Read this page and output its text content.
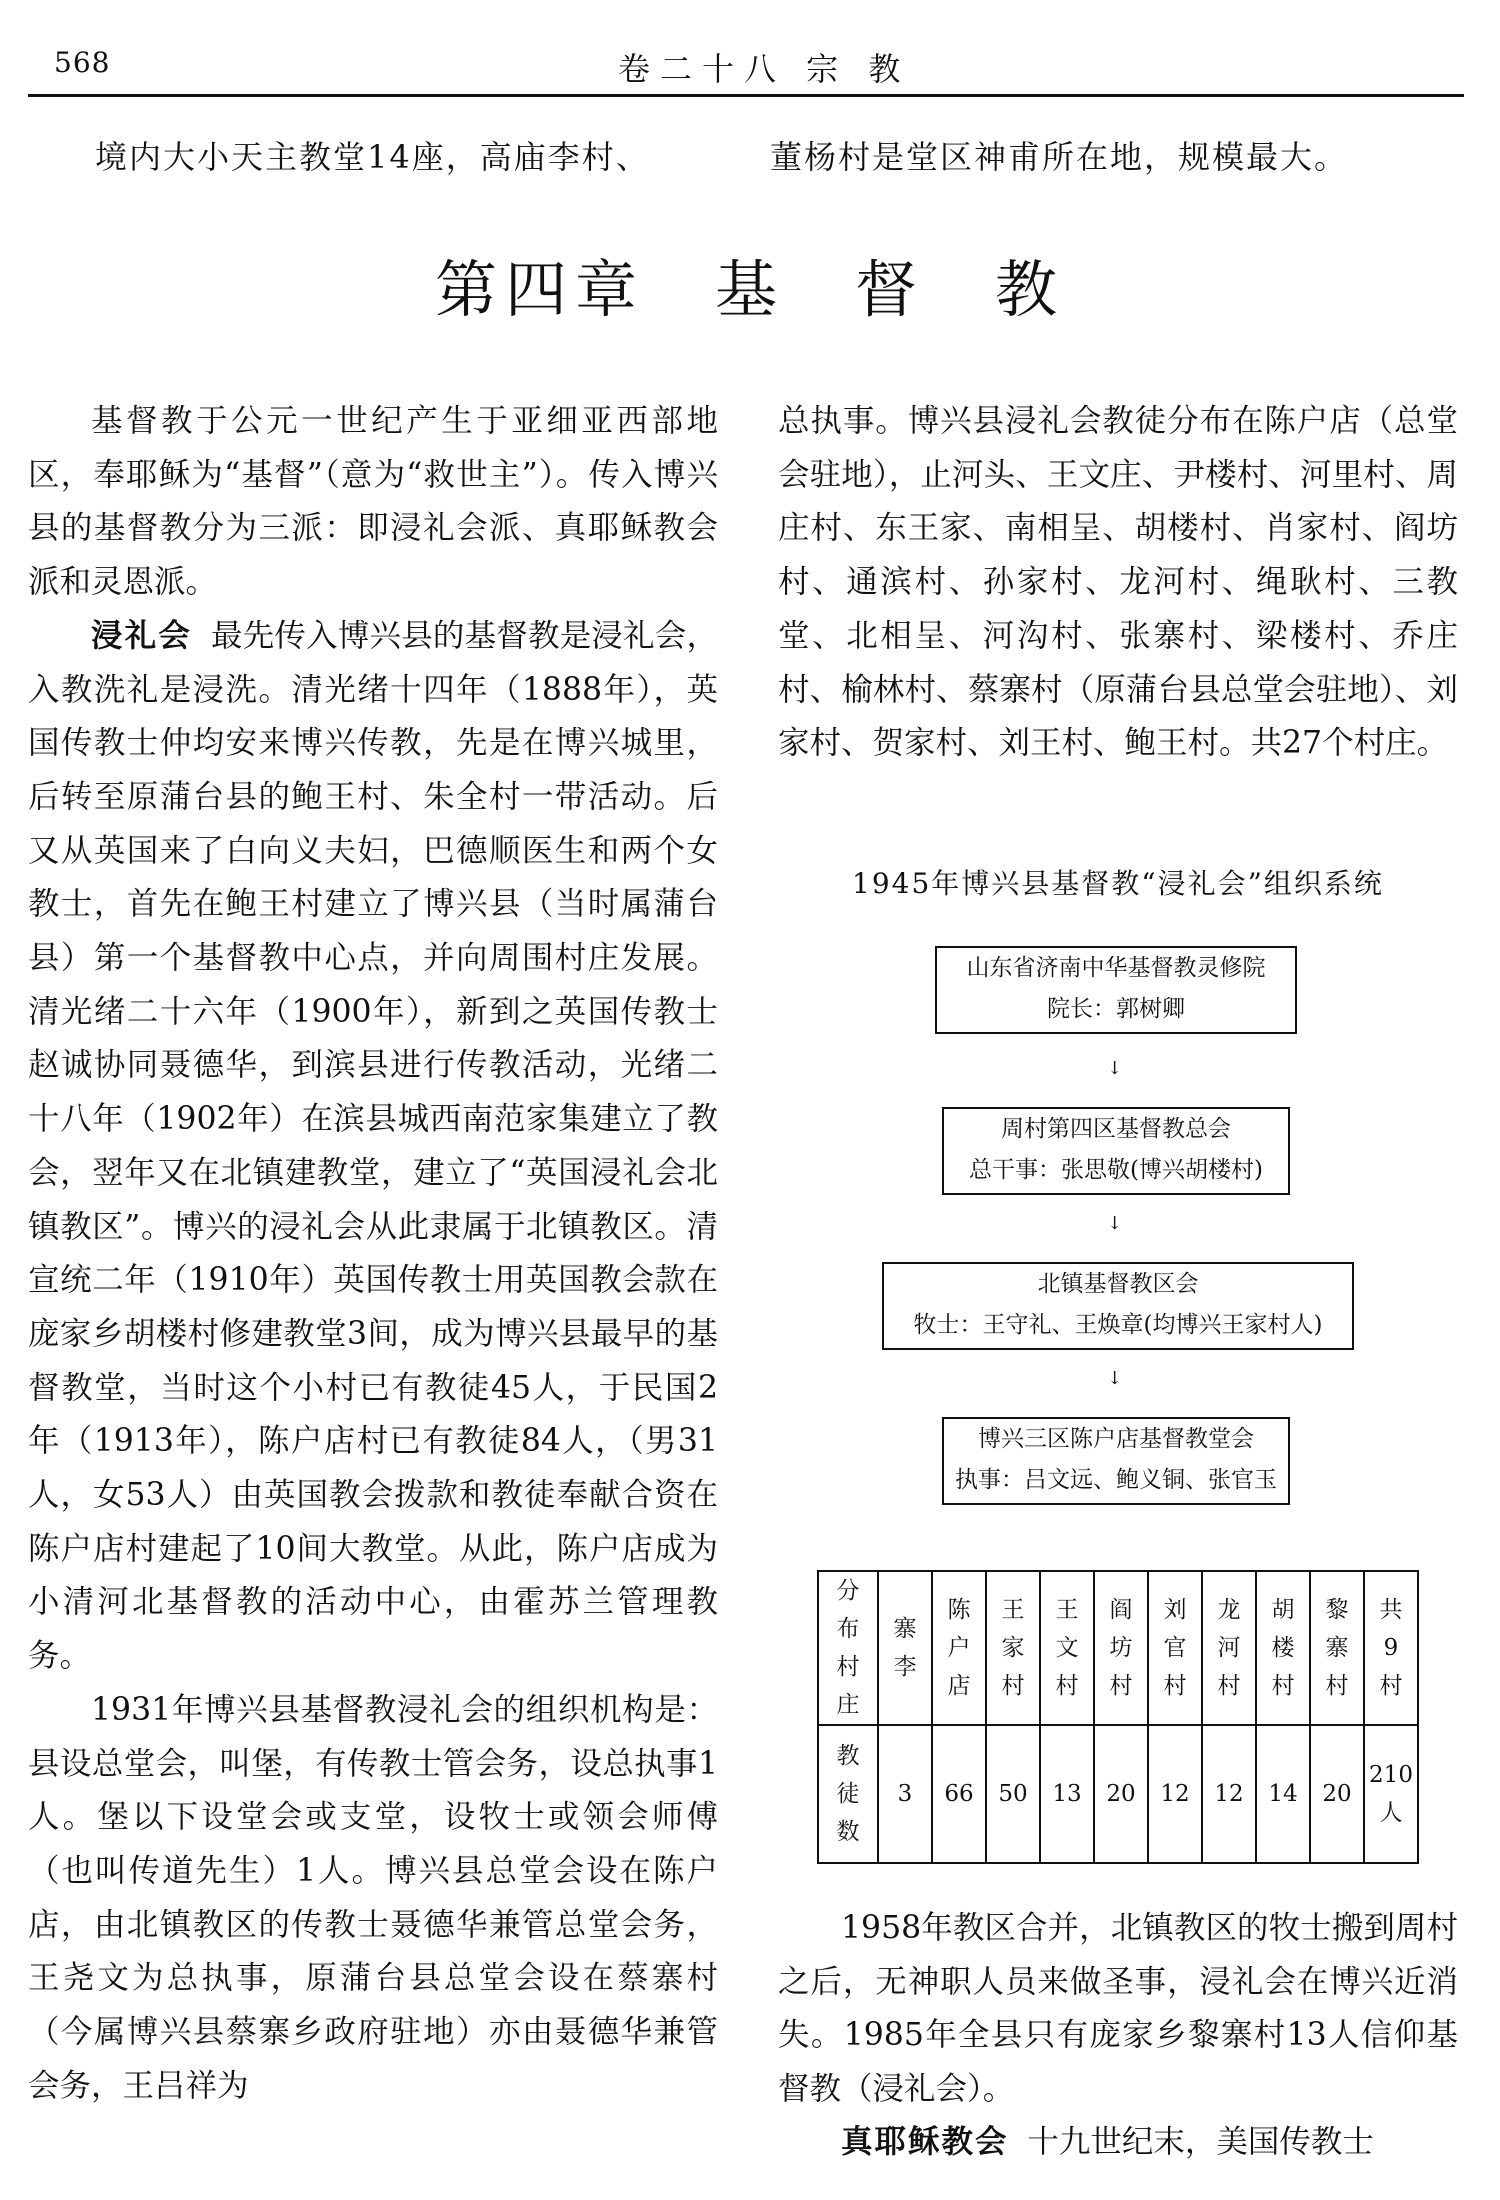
568	卷二十八 宗 教
境内大小天主教堂14座，高庙李村、	董杨村是堂区神甫所在地，规模最大。
第四章　基　督　教

基督教于公元一世纪产生于亚细亚西部地区，奉耶稣为“基督”（意为“救世主”）。传入博兴县的基督教分为三派：即浸礼会派、真耶稣教会派和灵恩派。

浸礼会 最先传入博兴县的基督教是浸礼会，入教洗礼是浸洗。清光绪十四年（1888年），英国传教士仲均安来博兴传教，先是在博兴城里，后转至原蒲台县的鲍王村、朱全村一带活动。后又从英国来了白向义夫妇，巴德顺医生和两个女教士，首先在鲍王村建立了博兴县（当时属蒲台县）第一个基督教中心点，并向周围村庄发展。清光绪二十六年（1900年），新到之英国传教士赵诚协同聂德华，到滨县进行传教活动，光绪二十八年（1902年）在滨县城西南范家集建立了教会，翌年又在北镇建教堂，建立了“英国浸礼会北镇教区”。博兴的浸礼会从此隶属于北镇教区。清宣统二年（1910年）英国传教士用英国教会款在庞家乡胡楼村修建教堂3间，成为博兴县最早的基督教堂，当时这个小村已有教徒45人，于民国2年（1913年），陈户店村已有教徒84人，（男31人，女53人）由英国教会拨款和教徒奉献合资在陈户店村建起了10间大教堂。从此，陈户店成为小清河北基督教的活动中心，由霍苏兰管理教务。

1931年博兴县基督教浸礼会的组织机构是：县设总堂会，叫堡，有传教士管会务，设总执事1人。堡以下设堂会或支堂，设牧士或领会师傅（也叫传道先生）1人。博兴县总堂会设在陈户店，由北镇教区的传教士聂德华兼管总堂会务，王尧文为总执事，原蒲台县总堂会设在蔡寨村（今属博兴县蔡寨乡政府驻地）亦由聂德华兼管会务，王吕祥为

总执事。博兴县浸礼会教徒分布在陈户店（总堂会驻地），止河头、王文庄、尹楼村、河里村、周庄村、东王家、南相呈、胡楼村、肖家村、阎坊村、通滨村、孙家村、龙河村、绳耿村、三教堂、北相呈、河沟村、张寨村、梁楼村、乔庄村、榆林村、蔡寨村（原蒲台县总堂会驻地）、刘家村、贺家村、刘王村、鲍王村。共27个村庄。

1945年博兴县基督教“浸礼会”组织系统
山东省济南中华基督教灵修院
院长：郭树卿
↓
周村第四区基督教总会
总干事：张思敬(博兴胡楼村)
↓
北镇基督教区会
牧士：王守礼、王焕章(均博兴王家村人)
↓
博兴三区陈户店基督教堂会
执事：吕文远、鲍义铜、张官玉
分布村庄	寨李	陈户店	王家村	王文村	阎坊村	刘官村	龙河村	胡楼村	黎寨村	共9村
教徒数	3	66	50	13	20	12	12	14	20	210人

1958年教区合并，北镇教区的牧士搬到周村之后，无神职人员来做圣事，浸礼会在博兴近消失。1985年全县只有庞家乡黎寨村13人信仰基督教（浸礼会）。

真耶稣教会 十九世纪末，美国传教士
